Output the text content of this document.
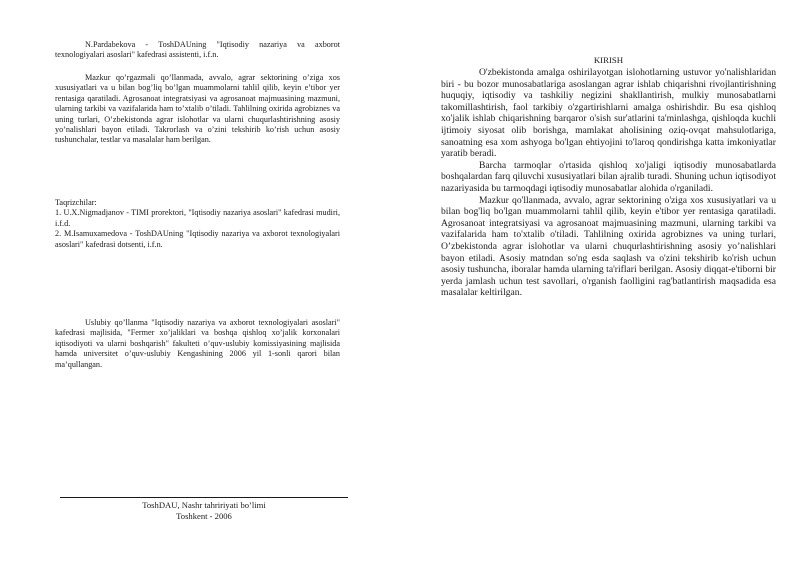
N.Pardabekova - ToshDAUning "Iqtisodiy nazariya va axborot texnologiyalari asoslari" kafedrasi assistenti, i.f.n.

Mazkur qo’rgazmali qo’llanmada, avvalo, agrar sektorining o’ziga xos xususiyatlari va u bilan bog’liq bo’lgan muammolarni tahlil qilib, keyin e’tibor yer rentasiga qaratiladi. Agrosanoat integratsiyasi va agrosanoat majmuasining mazmuni, ularning tarkibi va vazifalarida ham to’xtalib o’tiladi. Tahlilning oxirida agrobiznes va uning turlari, O’zbekistonda agrar islohotlar va ularni chuqurlashtirishning asosiy yo’nalishlari bayon etiladi. Takrorlash va o’zini tekshirib ko’rish uchun asosiy tushunchalar, testlar va masalalar ham berilgan.

Taqrizchilar:

1. U.X.Nigmadjanov - TIMI prorektori, "Iqtisodiy nazariya asoslari" kafedrasi mudiri, i.f.d.

2. M.Isamuxamedova - ToshDAUning "Iqtisodiy nazariya va axborot texnologiyalari asoslari" kafedrasi dotsenti, i.f.n.

Uslubiy qo’llanma "Iqtisodiy nazariya va axborot texnologiyalari asoslari" kafedrasi majlisida, "Fermer xo’jaliklari va boshqa qishloq xo’jalik korxonalari iqtisodiyoti va ularni boshqarish" fakulteti o’quv-uslubiy komissiyasining majlisida hamda universitet o’quv-uslubiy Kengashining 2006 yil 1-sonli qarori bilan ma’qullangan.

ToshDAU, Nashr tahririyati bo’limi
Toshkent - 2006
KIRISH

O'zbekistonda amalga oshirilayotgan islohotlarning ustuvor yo'nalishlaridan biri - bu bozor munosabatlariga asoslangan agrar ishlab chiqarishni rivojlantirishning huquqiy, iqtisodiy va tashkiliy negizini shakllantirish, mulkiy munosabatlarni takomillashtirish, faol tarkibiy o'zgartirishlarni amalga oshirishdir. Bu esa qishloq xo'jalik ishlab chiqarishning barqaror o'sish sur'atlarini ta'minlashga, qishloqda kuchli ijtimoiy siyosat olib borishga, mamlakat aholisining oziq-ovqat mahsulotlariga, sanoatning esa xom ashyoga bo'lgan ehtiyojini to'laroq qondirishga katta imkoniyatlar yaratib beradi.

Barcha tarmoqlar o'rtasida qishloq xo'jaligi iqtisodiy munosabatlarda boshqalardan farq qiluvchi xususiyatlari bilan ajralib turadi. Shuning uchun iqtisodiyot nazariyasida bu tarmoqdagi iqtisodiy munosabatlar alohida o'rganiladi.

Mazkur qo'llanmada, avvalo, agrar sektorining o'ziga xos xususiyatlari va u bilan bog'liq bo'lgan muammolarni tahlil qilib, keyin e'tibor yer rentasiga qaratiladi. Agrosanoat integratsiyasi va agrosanoat majmuasining mazmuni, ularning tarkibi va vazifalarida ham to'xtalib o'tiladi. Tahlilning oxirida agrobiznes va uning turlari, O’zbekistonda agrar islohotlar va ularni chuqurlashtirishning asosiy yo’nalishlari bayon etiladi. Asosiy matndan so'ng esda saqlash va o'zini tekshirib ko'rish uchun asosiy tushuncha, iboralar hamda ularning ta'riflari berilgan. Asosiy diqqat-e'tiborni bir yerda jamlash uchun test savollari, o'rganish faolligini rag'batlantirish maqsadida esa masalalar keltirilgan.
